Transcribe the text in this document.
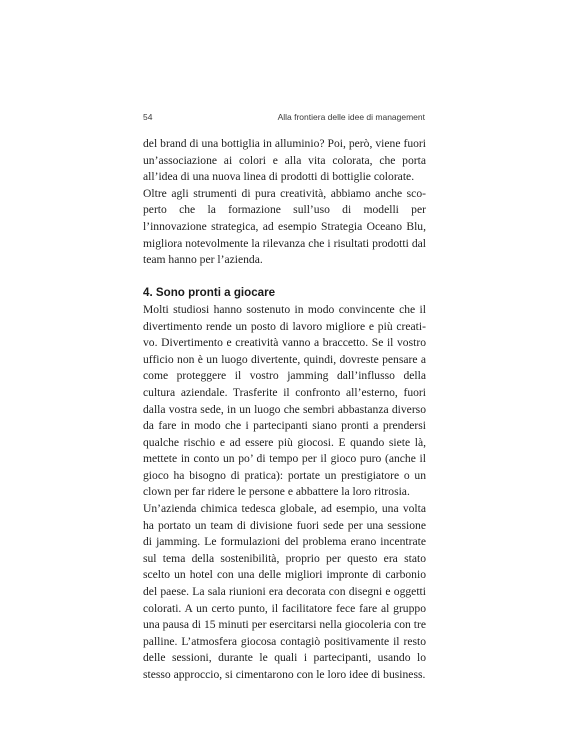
54	Alla frontiera delle idee di management

del brand di una bottiglia in alluminio? Poi, però, viene fuori un’associazione ai colori e alla vita colorata, che porta all’idea di una nuova linea di prodotti di bottiglie colorate.

Oltre agli strumenti di pura creatività, abbiamo anche scoperto che la formazione sull’uso di modelli per l’innovazione strategica, ad esempio Strategia Oceano Blu, migliora notevolmente la rilevanza che i risultati prodotti dal team hanno per l’azienda.

4. Sono pronti a giocare

Molti studiosi hanno sostenuto in modo convincente che il divertimento rende un posto di lavoro migliore e più creativo. Divertimento e creatività vanno a braccetto. Se il vostro ufficio non è un luogo divertente, quindi, dovreste pensare a come proteggere il vostro jamming dall’influsso della cultura aziendale. Trasferite il confronto all’esterno, fuori dalla vostra sede, in un luogo che sembri abbastanza diverso da fare in modo che i partecipanti siano pronti a prendersi qualche rischio e ad essere più giocosi. E quando siete là, mettete in conto un po’ di tempo per il gioco puro (anche il gioco ha bisogno di pratica): portate un prestigiatore o un clown per far ridere le persone e abbattere la loro ritrosia.

Un’azienda chimica tedesca globale, ad esempio, una volta ha portato un team di divisione fuori sede per una sessione di jamming. Le formulazioni del problema erano incentrate sul tema della sostenibilità, proprio per questo era stato scelto un hotel con una delle migliori impronte di carbonio del paese. La sala riunioni era decorata con disegni e oggetti colorati. A un certo punto, il facilitatore fece fare al gruppo una pausa di 15 minuti per esercitarsi nella giocoleria con tre palline. L’atmosfera giocosa contagiò positivamente il resto delle sessioni, durante le quali i partecipanti, usando lo stesso approccio, si cimentarono con le loro idee di business.
